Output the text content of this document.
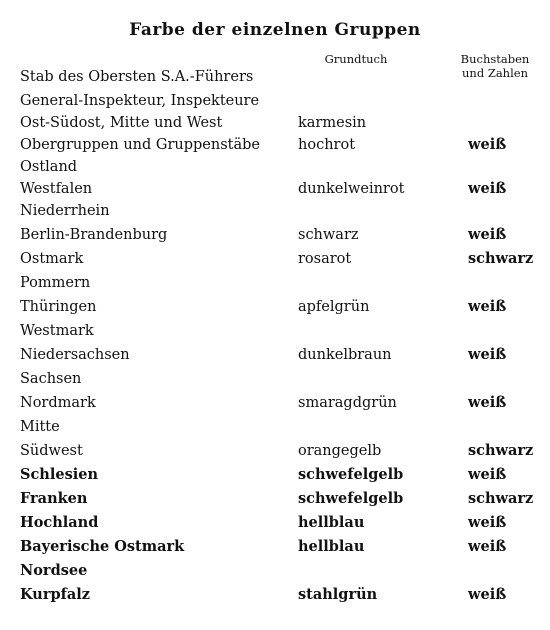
Farbe der einzelnen Gruppen
Grundtuch	Buchstaben
und Zahlen
Stab des Obersten S.A.-Führers
General-Inspekteur, Inspekteure
Ost-Südost, Mitte und West	karmesin
Obergruppen und Gruppenstäbe	hochrot	weiß
Ostland
Westfalen	dunkelweinrot	weiß
Niederrhein
Berlin-Brandenburg	schwarz	weiß
Ostmark	rosarot	schwarz
Pommern
Thüringen	apfelgrün	weiß
Westmark
Niedersachsen	dunkelbraun	weiß
Sachsen
Nordmark	smaragdgrün	weiß
Mitte
Südwest	orangegelb	schwarz
Schlesien	schwefelgelb	weiß
Franken	schwefelgelb	schwarz
Hochland	hellblau	weiß
Bayerische Ostmark	hellblau	weiß
Nordsee
Kurpfalz	stahlgrün	weiß
